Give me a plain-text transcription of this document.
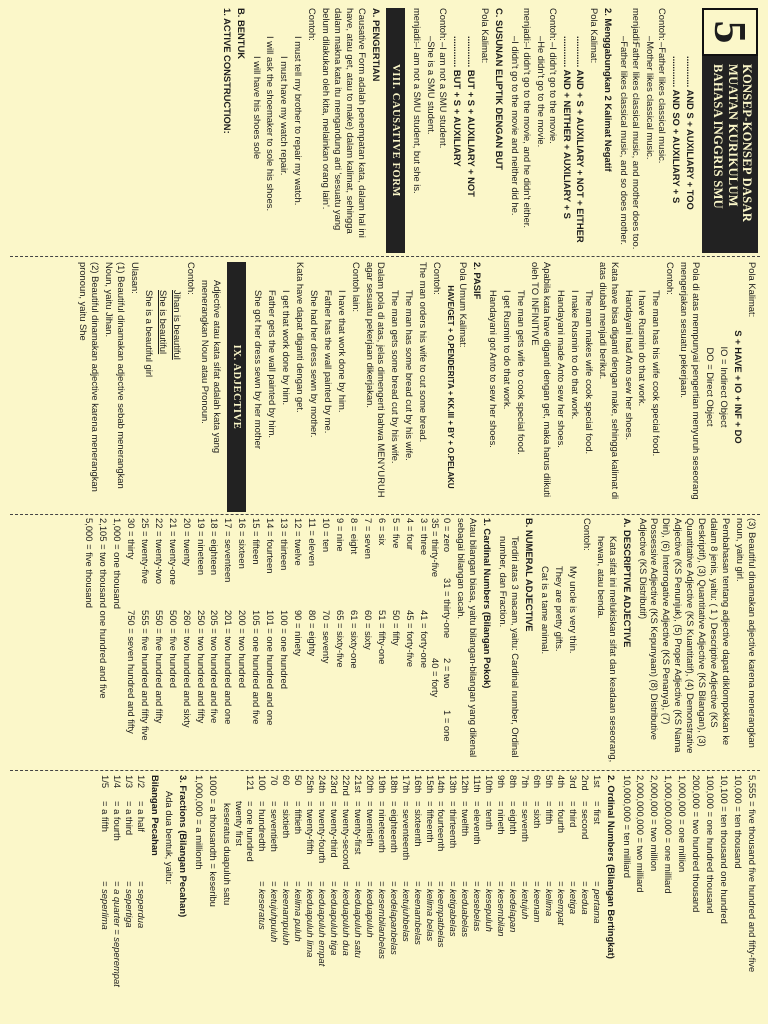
5
KONSEP-KONSEP DASAR
MUATAN KURIKULUM
BAHASA INGGRIS SMU

............ AND S + AUXILIARY + TOO

............ AND SO + AUXILIARY + S

Contoh:
–Father likes classical music.

–Mother likes classical music.

menjadi:
Father likes classical music, and mother does too.

–Father likes classical music, and so does mother.

2. Menggabungkan 2 Kalimat Negatif

Pola Kalimat:

............ AND + S + AUXILIARY + NOT + EITHER

............ AND + NEITHER + AUXILIARY + S

Contoh:
–I didn't go to the movie.

–He didn't go to the movie.

menjadi:
–I didn't go to the movie, and he didn't either.

–I didn't go to the movie and neither did he.

C. SUSUNAN ELIPTIK DENGAN BUT

Pola Kalimat:

............ BUT + S + AUXILIARY + NOT

............ BUT + S + AUXILIARY

Contoh:
–I am not a SMU student.

–She is a SMU student.

menjadi:
–I am not a SMU student, but she is.
VIII. CAUSATIVE FORM

A. PENGERTIAN

Causative Form adalah penempatan kata, dalam hal ini have, atau get, atau to make) dalam kalimat, sehingga dalam makna kata itu mengandung arti 'sesuatu yang belum dilakukan oleh kita, melainkan orang lain'.

Contoh:

I must tell my brother to repair my watch.

I must have my watch repair.

I will ask the shoemaker to sole his shoes.

I will have his shoes sole

B. BENTUK

1. ACTIVE CONSTRUCTION:

Pola Kalimat:

S + HAVE + IO + INF + DO

IO = Indirect Object

DO = Direct Object

Pola di atas mempunyai pengertian menyuruh seseorang mengerjakan sesuatu pekerjaan.

Contoh:

The man has his wife cook special food.

I have Rusmin do that work.

Handayani had Anto sew her shoes.

Kata have bisa diganti dengan make, sehingga kalimat di atas diubah menjadi berikut.

The man makes wife cook special food.

I make Rusmin to do that work.

Handayani made Anto sew her shoes.

Apabila kata have diganti dengan get, maka harus diikuti oleh TO INFINITIVE

The man gets wife to cook special food.

I get Rusmin to do that work.

Handayani got Anto to sew her shoes.

2. PASIF

Pola Umum Kalimat:

HAVE/GET + O.PENDERITA + KK.III + BY + O.PELAKU

Contoh:

The man orders his wife to cut some bread.

The man has some bread cut by his wife.

The man gets some bread cut by his wife.

Dalam pola di atas, jelas dimengerti bahwa MENYURUH agar sesuatu pekerjaan dikerjakan.

Contoh lain:

I have that work done by him.

Father has the wall painted by me.

She had her dress sewn by mother.

Kata have dapat diganti dengan get.

I get that work done by him.

Father gets the wall painted by him.

She got her dress sewn by her mother

IX. ADJECTIVE

Adjective atau kata sifat adalah kata yang menerangkan Noun atau Pronoun.

Contoh:

Jihan is beautiful

She is beautiful

She is a beautiful girl

Ulasan:

(1) Beautiful dinamakan adjective sebab menerangkan Noun, yaitu Jihan.

(2) Beautiful dinamakan adjective karena menerangkan pronoun, yaitu She

(3) Beautiful dinamakan adjective karena menerangkan noun, yaitu girl.

Pembahasan tentang adjective dapat diklompokkan ke dalam 8 jenis, yaitu: ( 1 ) Descriptive Adjective (KS Deskriptif), (3) Quantitative Adjective (KS Bilangan), (3) Quantitative Adjective (KS Kuantitatif), (4) Demonstrative Adjective (KS Penunjuk), (5) Proper Adjective (KS Nama Diri), (6) Interrogative Adjective (KS Penanya), (7) Possessive Adjective (KS Kepunyaan) (8) Distributive Adjective (KS Distributif)

A. DESCRIPTIVE ADJECTIVE

Kata sifat ini melukiskan sifat dan keadaan seseorang, hewan, atau benda.

Contoh:

My uncle is very thin.

They are pretty gifts.

Cat is a tame animal.

B. NUMERAL ADJECTIVE

Terdiri atas 3 macam, yaitu: Cardinal number, Ordinal number, dan Fraction.

1. Cardinal Numbers (Bilangan Pokok)

Atau bilangan biasa, yaitu bilangan-bilangan yang dikenal sebagai bilangan cacah.

0 = zero
31 = thirty-one
2 = two
1 = one
35 = thirty-five
40 = forty

3 = three

4 = four

5 = five

6 = six

7 = seven

8 = eight

9 = nine

10 = ten

11 = eleven

12 = twelve

13 = thirteen

14 = fourteen

15 = fifteen

16 = sixteen

17 = seventeen

18 = eighteen

19 = nineteen

20 = twenty

21 = twenty-one

22 = twenty-two

25 = twenty-five

30 = thirty

41 = forty-one

45 = forty-five

50 = fifty

51 = fifty-one

60 = sixty

61 = sixty-one

65 = sixty-five

70 = seventy

80 = eighty

90 = ninety

100 = one hundred

101 = one hundred and one

105 = one hundred and five

200 = two hundred

201 = two hundred and one

205 = two hundred and five

250 = two hundred and fifty

260 = two hundred and sixty

500 = five hundred

550 = five hundred and fifty

555 = five hundred and fifty five

750 = seven hundred and fifty

1,000 = one thousand

2,105 = two thousand one hundred and five

5,000 = five thousand

5,555 = five thousand five hundred and fifty-five

10,000 = ten thousand

10,100 = ten thousand one hundred

100,000 = one hundred thousand

200,000 = two hundred thousand

1,000,000 = one million

1,000,000,000 = one milliard

2,000,000 = two million

2,000,000,000 = two milliard

10,000,000 = ten milliard

2. Ordinal Numbers (Bilangan Bertingkat)

1st
= first
= pertama
2nd
= second
= kedua
3rd
= third
= ketiga
4th
= fourth
= keempat
5th
= fifth
= kelima
6th
= sixth
= keenam
7th
= seventh
= ketujuh
8th
= eighth
= kedelapan
9th
= nineth
= kesembilan
10th
= tenth
= kesepuluh
11th
= eleventh
= kesebelas
12th
= twelfth
= keduabelas
13th
= thirteenth
= ketigabelas
14th
= fourteenth
= keempatbelas
15th
= fifteenth
= kelima belas
16th
= sixteenth
= keenambelas
17th
= seventeenth
= ketujuhbelas
18th
= eighteenth
= kedelapanbelas
19th
= nineteenth
= kesembilanbelas
20th
= twentieth
= keduapuluh
21st
= twenty-first
= keduapuluh satu
22nd
= twenty-second
= keduapuluh dua
23rd
= twenty-third
= keduapuluh tiga
24th
= twenty-fourth
= keduapuluh empat
25th
= twenty-fifth
= keduapuluh lima
50
= fiftieth
= kelima puluh
60
= sixtieth
= keenampuluh
70
= seventieth
= ketujuhpuluh
100
= hundredth
= keseratus
121
= one hundred twenty first

keseratus duapuluh satu

1000 = a thousandth = keseribu

1,000,000 = a millionth

3. Fractions (Bilangan Pecahan)

Ada dua bentuk, yaitu:

Bilangan Pecahan

1/2
= a half
= seperdua
1/3
= a third
= sepertiga
1/4
= a fourth
= a quarter = seperempat
1/5
= a fifth
= seperlima
